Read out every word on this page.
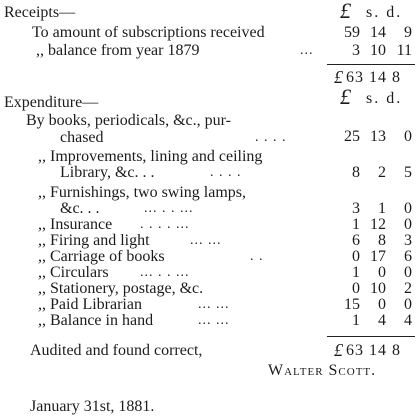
Receipts—	£ s. d.
To amount of subscriptions received	59 14	9
,, balance from year 1879	...	3 10 11
£ 63 14 8
Expenditure—	£ s. d.
By books, periodicals, &c., pur-
chased	. . . .	25 13	0
,, Improvements, lining and ceiling
Library, &c. . .	. . . .	8	2	5
,, Furnishings, two swing lamps,
&c. . .	... . . ...	3	1	0
,, Insurance . . . . ...	1 12	0
,, Firing and light	... ...	6	8	3
,, Carriage of books	. .	0 17	6
,, Circulars ... . . ...	1	0	0
,, Stationery, postage, &c.	0 10	2
,, Paid Librarian	... ...	15	0	0
,, Balance in hand	... ...	1	4	4
£ 63 14 8
Audited and found correct,
Walter Scott.
January 31st, 1881.
